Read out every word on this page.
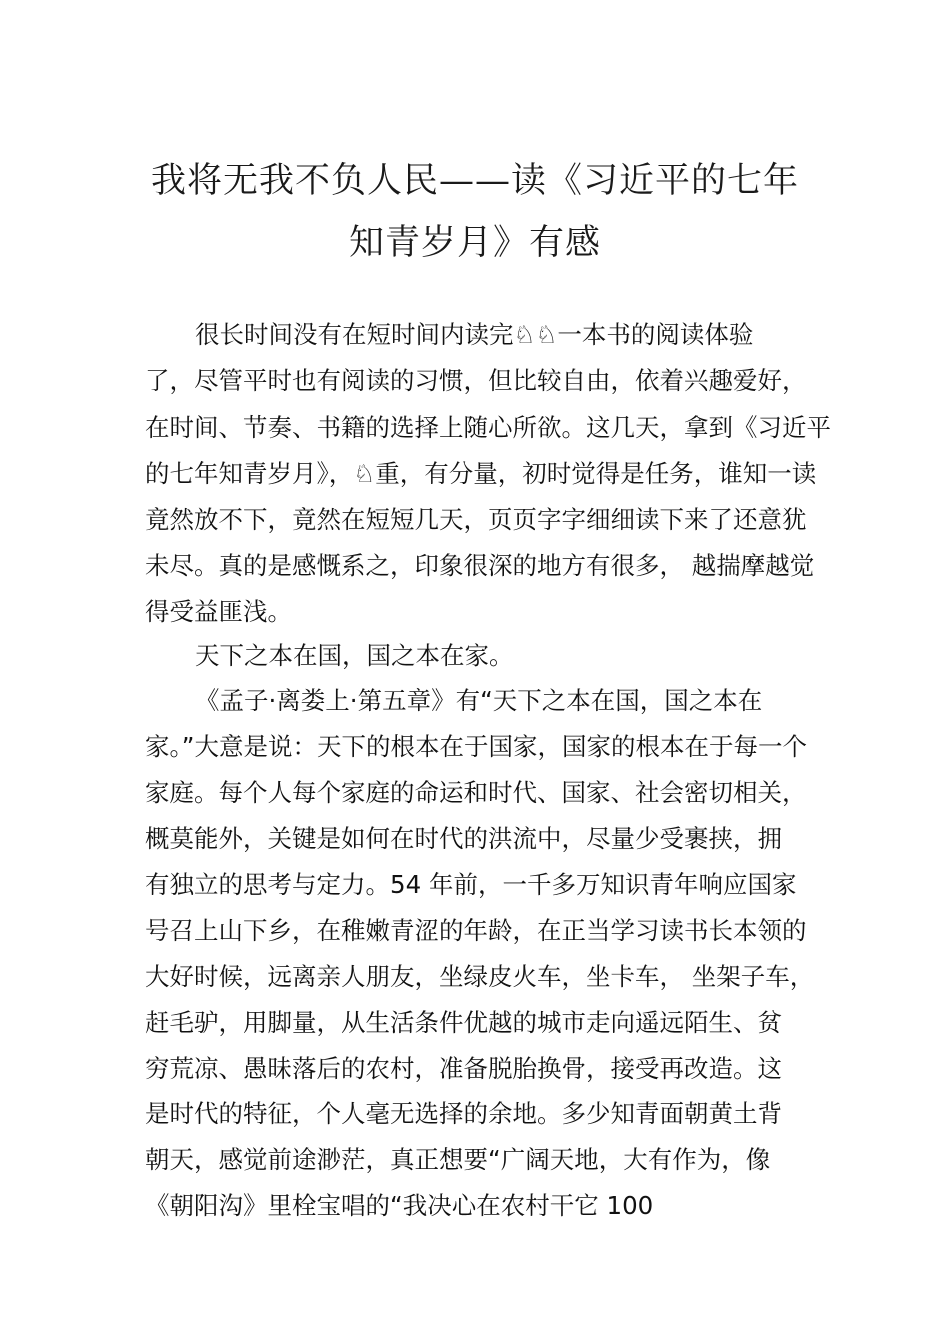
我将无我不负人民——读《习近平的七年
知青岁月》有感
很长时间没有在短时间内读完♘♘一本书的阅读体验
了，尽管平时也有阅读的习惯，但比较自由，依着兴趣爱好，
在时间、节奏、书籍的选择上随心所欲。这几天，拿到《习近平
的七年知青岁月》，♘重，有分量，初时觉得是任务，谁知一读
竟然放不下，竟然在短短几天，页页字字细细读下来了还意犹
未尽。真的是感慨系之，印象很深的地方有很多， 越揣摩越觉
得受益匪浅。
天下之本在国，国之本在家。
《孟子·离娄上·第五章》有“天下之本在国，国之本在
家。”大意是说：天下的根本在于国家，国家的根本在于每一个
家庭。每个人每个家庭的命运和时代、国家、社会密切相关，
概莫能外，关键是如何在时代的洪流中，尽量少受裹挟，拥
有独立的思考与定力。54 年前，一千多万知识青年响应国家
号召上山下乡，在稚嫩青涩的年龄，在正当学习读书长本领的
大好时候，远离亲人朋友，坐绿皮火车，坐卡车， 坐架子车，
赶毛驴，用脚量，从生活条件优越的城市走向遥远陌生、贫
穷荒凉、愚昧落后的农村，准备脱胎换骨，接受再改造。这
是时代的特征，个人毫无选择的余地。多少知青面朝黄土背
朝天，感觉前途渺茫，真正想要“广阔天地，大有作为，像
《朝阳沟》里栓宝唱的“我决心在农村干它 100
